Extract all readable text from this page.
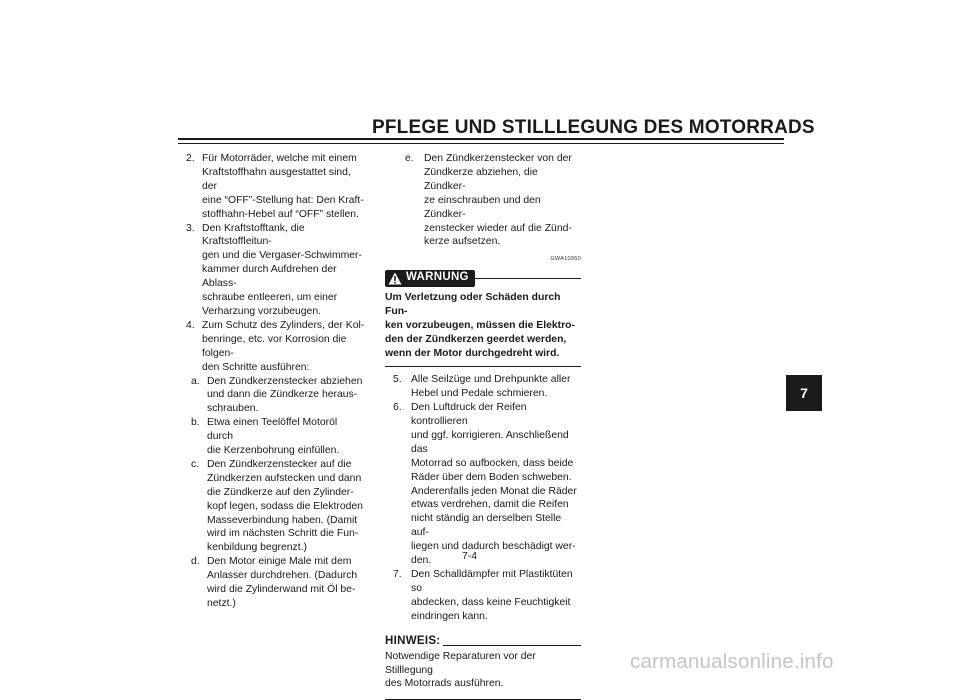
PFLEGE UND STILLLEGUNG DES MOTORRADS
2. Für Motorräder, welche mit einem
Kraftstoffhahn ausgestattet sind, der
eine “OFF”-Stellung hat: Den Kraft-
stoffhahn-Hebel auf “OFF” stellen.
3. Den Kraftstofftank, die Kraftstoffleitun-
gen und die Vergaser-Schwimmer-
kammer durch Aufdrehen der Ablass-
schraube entleeren, um einer
Verharzung vorzubeugen.
4. Zum Schutz des Zylinders, der Kol-
benringe, etc. vor Korrosion die folgen-
den Schritte ausführen:
a. Den Zündkerzenstecker abziehen
und dann die Zündkerze heraus-
schrauben.
b. Etwa einen Teelöffel Motoröl durch
die Kerzenbohrung einfüllen.
c. Den Zündkerzenstecker auf die
Zündkerzen aufstecken und dann
die Zündkerze auf den Zylinder-
kopf legen, sodass die Elektroden
Masseverbindung haben. (Damit
wird im nächsten Schritt die Fun-
kenbildung begrenzt.)
d. Den Motor einige Male mit dem
Anlasser durchdrehen. (Dadurch
wird die Zylinderwand mit Öl be-
netzt.)
e. Den Zündkerzenstecker von der
Zündkerze abziehen, die Zündker-
ze einschrauben und den Zündker-
zenstecker wieder auf die Zünd-
kerze aufsetzen.
GWA10950
WARNUNG
Um Verletzung oder Schäden durch Fun-
ken vorzubeugen, müssen die Elektro-
den der Zündkerzen geerdet werden,
wenn der Motor durchgedreht wird.
5. Alle Seilzüge und Drehpunkte aller
Hebel und Pedale schmieren.
6. Den Luftdruck der Reifen kontrollieren
und ggf. korrigieren. Anschließend das
Motorrad so aufbocken, dass beide
Räder über dem Boden schweben.
Anderenfalls jeden Monat die Räder
etwas verdrehen, damit die Reifen
nicht ständig an derselben Stelle auf-
liegen und dadurch beschädigt wer-
den.
7. Den Schalldämpfer mit Plastiktüten so
abdecken, dass keine Feuchtigkeit
eindringen kann.
HINWEIS:
Notwendige Reparaturen vor der Stilllegung
des Motorrads ausführen.
7-4
7
carmanualsonline.info
